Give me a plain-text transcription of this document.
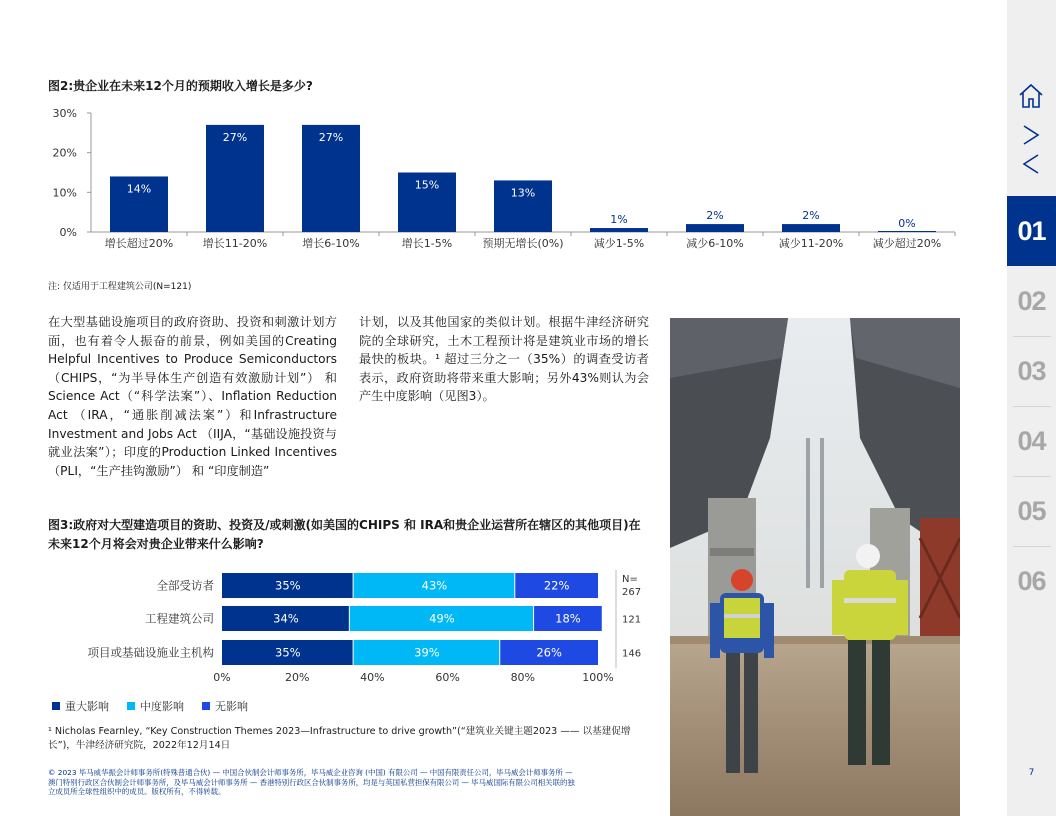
图2:贵企业在未来12个月的预期收入增长是多少?
0%
10%
20%
30%
14%
增长超过20%
27%
增长11-20%
27%
增长6-10%
15%
增长1-5%
13%
预期无增长(0%)
1%
减少1-5%
2%
减少6-10%
2%
减少11-20%
0%
减少超过20%
注: 仅适用于工程建筑公司(N=121)
在大型基础设施项目的政府资助、投资和刺激计划方面，也有着令人振奋的前景，例如美国的Creating Helpful Incentives to Produce Semiconductors （CHIPS，“为半导体生产创造有效激励计划”） 和 Science Act（“科学法案”）、Inflation Reduction Act （IRA，“通胀削减法案”）和Infrastructure Investment and Jobs Act （IIJA，“基础设施投资与就业法案”）；印度的Production Linked Incentives （PLI，“生产挂钩激励”） 和 “印度制造”
计划，以及其他国家的类似计划。根据牛津经济研究院的全球研究，土木工程预计将是建筑业市场的增长最快的板块。¹ 超过三分之一（35%）的调查受访者表示，政府资助将带来重大影响；另外43%则认为会产生中度影响（见图3）。
图3:政府对大型建造项目的资助、投资及/或刺激(如美国的CHIPS 和 IRA和贵企业运营所在辖区的其他项目)在未来12个月将会对贵企业带来什么影响?
全部受访者	35%	43%	22%	N=
267
工程建筑公司	34%	49%	18%	121
项目或基础设施业主机构	35%	39%	26%	146
0%	20%	40%	60%	80%	100%
重大影响	中度影响	无影响
¹ Nicholas Fearnley, “Key Construction Themes 2023—Infrastructure to drive growth”(“建筑业关键主题2023 —— 以基建促增长”)，牛津经济研究院，2022年12月14日
© 2023 毕马威华振会计师事务所(特殊普通合伙) — 中国合伙制会计师事务所，毕马威企业咨询 (中国) 有限公司 — 中国有限责任公司，毕马威会计师事务所 — 澳门特别行政区合伙制会计师事务所，及毕马威会计师事务所 — 香港特别行政区合伙制事务所，均是与英国私营担保有限公司 — 毕马威国际有限公司相关联的独立成员所全球性组织中的成员。版权所有，不得转载。
01
02
03
04
05
06
7
